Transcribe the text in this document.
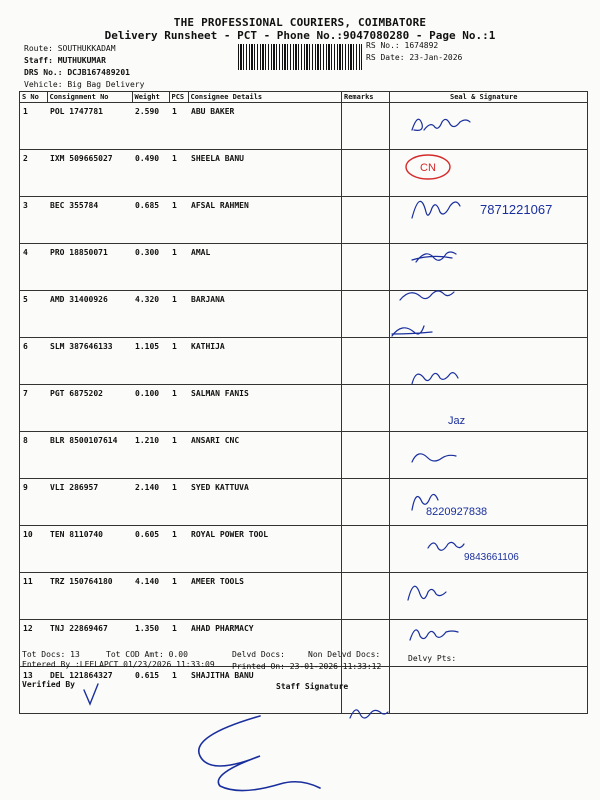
THE PROFESSIONAL COURIERS, COIMBATORE
Delivery Runsheet - PCT - Phone No.:9047080280 - Page No.:1
Route: SOUTHUKKADAM
Staff: MUTHUKUMAR
DRS No.: DCJB167489201
Vehicle: Big Bag Delivery
RS No.: 1674892
RS Date: 23-Jan-2026
S No	Consignment No	Weight	PCS	Consignee Details	Remarks	Seal & Signature
1	POL 1747781	2.590	1	ABU BAKER		
2	IXM 509665027	0.490	1	SHEELA BANU		
3	BEC 355784	0.685	1	AFSAL RAHMEN		
4	PRO 18850071	0.300	1	AMAL		
5	AMD 31400926	4.320	1	BARJANA		
6	SLM 387646133	1.105	1	KATHIJA		
7	PGT 6875202	0.100	1	SALMAN FANIS		
8	BLR 8500107614	1.210	1	ANSARI CNC		
9	VLI 286957	2.140	1	SYED KATTUVA		
10	TEN 8110740	0.605	1	ROYAL POWER TOOL		
11	TRZ 150764180	4.140	1	AMEER TOOLS		
12	TNJ 22869467	1.350	1	AHAD PHARMACY		
13	DEL 121864327	0.615	1	SHAJITHA BANU		
CN
7871221067
Jaz
8220927838
9843661106
Tot Docs: 13	Tot COD Amt: 0.00	Delvd Docs:	Non Delvd Docs:	Delvy Pts:
Entered By :LEELAPCT 01/23/2026 11:33:09 Printed On: 23-01-2026 11:33:12
Verified By	Staff Signature
